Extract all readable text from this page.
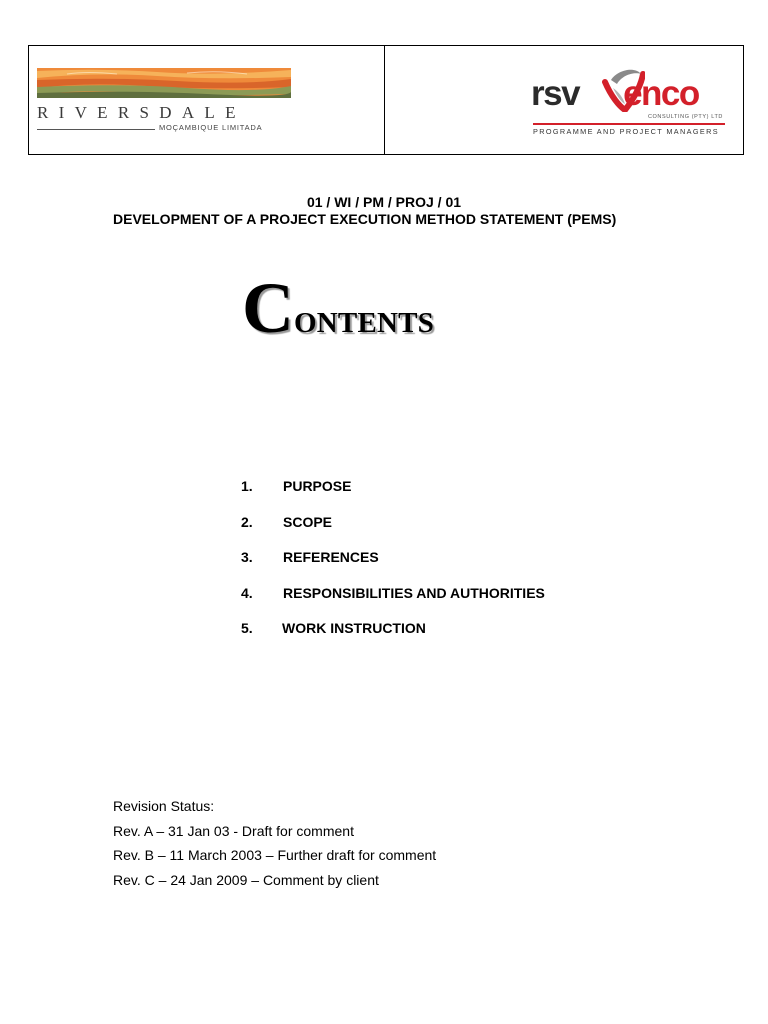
RIVERSDALE
MOÇAMBIQUE LIMITADA
rsv enco
CONSULTING (PTY) LTD
PROGRAMME AND PROJECT MANAGERS
01 / WI / PM / PROJ / 01
DEVELOPMENT OF A PROJECT EXECUTION METHOD STATEMENT (PEMS)
CONTENTS
1.	PURPOSE
2.	SCOPE
3.	REFERENCES
4.	RESPONSIBILITIES AND AUTHORITIES
5.	WORK INSTRUCTION
Revision Status:
Rev. A – 31 Jan 03 - Draft for comment
Rev. B – 11 March 2003 – Further draft for comment
Rev. C – 24 Jan 2009 – Comment by client
